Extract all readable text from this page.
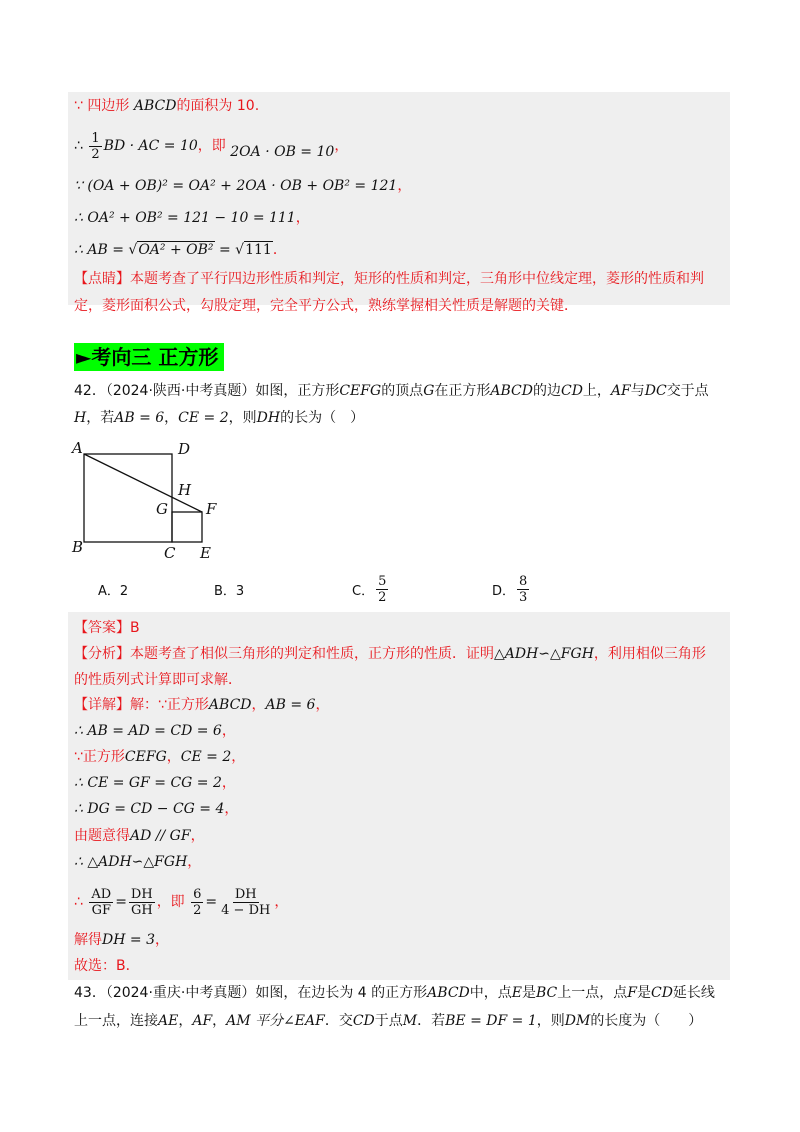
∵ 四边形 ABCD的面积为 10.
∴ $\frac{1}{2}$ BD · AC = 10，即 2OA · OB = 10，
∵ (OA + OB)² = OA² + 2OA · OB + OB² = 121，
∴ OA² + OB² = 121 − 10 = 111，
∴ AB = √OA² + OB² = √111．
【点睛】本题考查了平行四边形性质和判定，矩形的性质和判定，三角形中位线定理，菱形的性质和判定，菱形面积公式，勾股定理，完全平方公式，熟练掌握相关性质是解题的关键．
►考向三 正方形
42．（2024·陕西·中考真题）如图，正方形CEFG的顶点G在正方形ABCD的边CD上，AF与DC交于点H，若AB = 6，CE = 2，则DH的长为（　）
A	D
H
G	F
B	C E
A．2	B．3	C． $\frac{5}{2}$	D． $\frac{8}{3}$
【答案】B
【分析】本题考查了相似三角形的判定和性质，正方形的性质．证明△ADH∽△FGH，利用相似三角形
的性质列式计算即可求解．
【详解】解：∵正方形ABCD，AB = 6，
∴ AB = AD = CD = 6，
∵正方形CEFG，CE = 2，
∴ CE = GF = CG = 2，
∴ DG = CD − CG = 4，
由题意得AD // GF，
∴ △ADH∽△FGH，
∴ $\frac{AD}{GF} = \frac{DH}{GH}$ ，即 $\frac{6}{2} = \frac{DH}{4 - DH}$ ，
解得DH = 3，
故选：B．
43．（2024·重庆·中考真题）如图，在边长为 4 的正方形ABCD中，点E是BC上一点，点F是CD延长线
上一点，连接AE，AF，AM 平分∠EAF．交CD于点M．若BE = DF = 1，则DM的长度为（　　）
